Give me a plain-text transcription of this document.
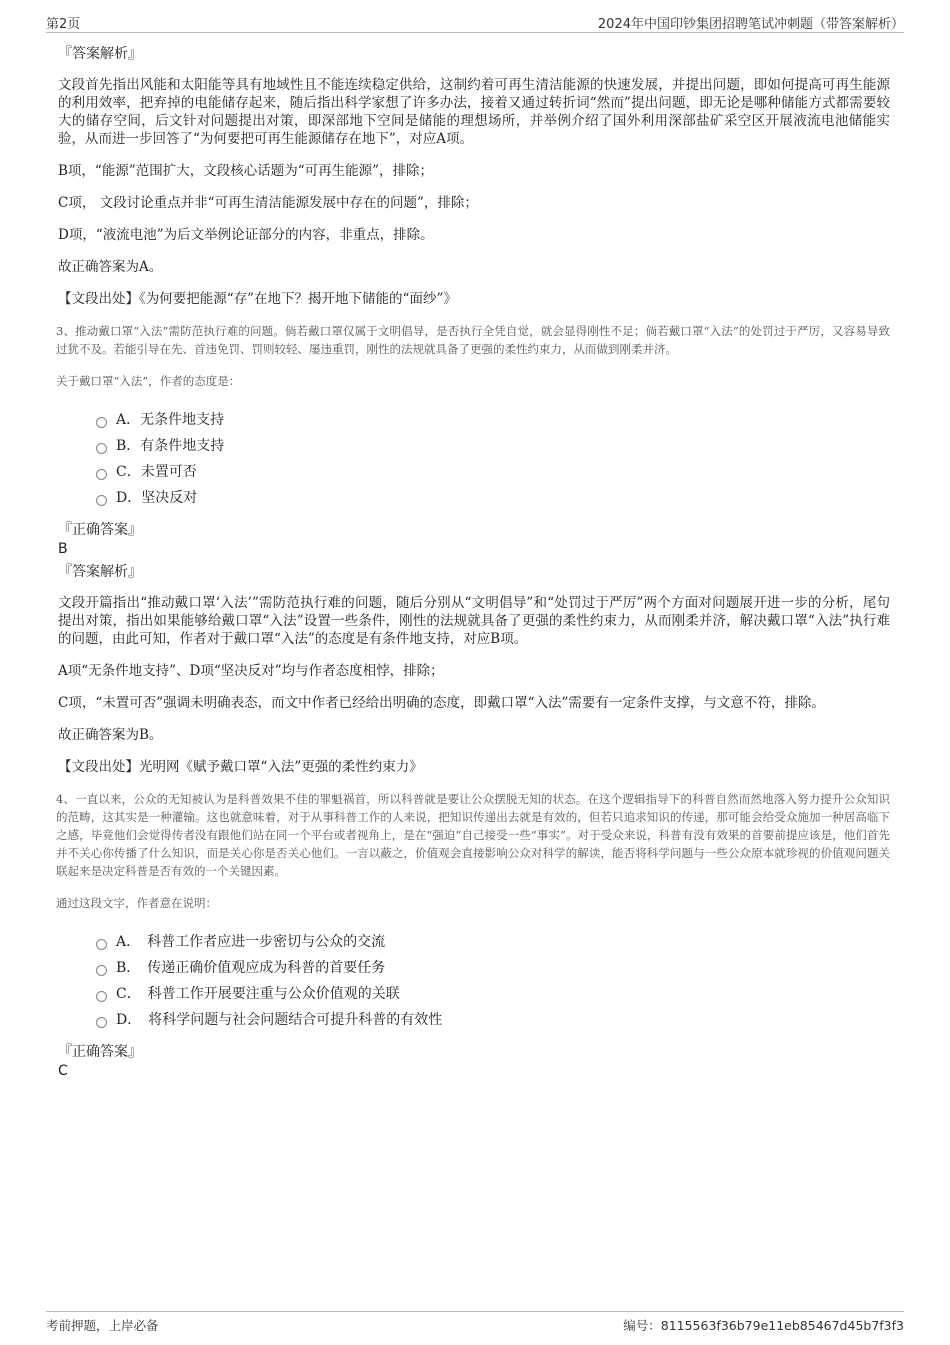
第2页	2024年中国印钞集团招聘笔试冲刺题（带答案解析）
『答案解析』

文段首先指出风能和太阳能等具有地域性且不能连续稳定供给，这制约着可再生清洁能源的快速发展，并提出问题，即如何提高可再生能源的利用效率，把弃掉的电能储存起来，随后指出科学家想了许多办法，接着又通过转折词“然而”提出问题，即无论是哪种储能方式都需要较大的储存空间，后文针对问题提出对策，即深部地下空间是储能的理想场所，并举例介绍了国外利用深部盐矿采空区开展液流电池储能实验，从而进一步回答了“为何要把可再生能源储存在地下”，对应A项。

B项，“能源”范围扩大，文段核心话题为“可再生能源”，排除；

C项， 文段讨论重点并非“可再生清洁能源发展中存在的问题”，排除；

D项，“液流电池”为后文举例论证部分的内容，非重点，排除。

故正确答案为A。

【文段出处】《为何要把能源“存”在地下？揭开地下储能的“面纱”》

3、推动戴口罩“入法”需防范执行难的问题。倘若戴口罩仅属于文明倡导，是否执行全凭自觉，就会显得刚性不足；倘若戴口罩“入法”的处罚过于严厉，又容易导致过犹不及。若能引导在先、首违免罚、罚则较轻、屡违重罚，刚性的法规就具备了更强的柔性约束力，从而做到刚柔并济。

关于戴口罩“入法”，作者的态度是：

A．无条件地支持
B．有条件地支持
C．未置可否
D．坚决反对
『正确答案』
B
『答案解析』

文段开篇指出“推动戴口罩‘入法’”需防范执行难的问题，随后分别从“文明倡导”和“处罚过于严厉”两个方面对问题展开进一步的分析，尾句提出对策，指出如果能够给戴口罩“入法”设置一些条件，刚性的法规就具备了更强的柔性约束力，从而刚柔并济，解决戴口罩“入法”执行难的问题，由此可知，作者对于戴口罩“入法”的态度是有条件地支持，对应B项。

A项“无条件地支持”、D项“坚决反对”均与作者态度相悖，排除；

C项，“未置可否”强调未明确表态，而文中作者已经给出明确的态度，即戴口罩“入法”需要有一定条件支撑，与文意不符，排除。

故正确答案为B。

【文段出处】光明网《赋予戴口罩“入法”更强的柔性约束力》

4、一直以来，公众的无知被认为是科普效果不佳的罪魁祸首，所以科普就是要让公众摆脱无知的状态。在这个逻辑指导下的科普自然而然地落入努力提升公众知识的范畴，这其实是一种灌输。这也就意味着，对于从事科普工作的人来说，把知识传递出去就是有效的，但若只追求知识的传递，那可能会给受众施加一种居高临下之感，毕竟他们会觉得传者没有跟他们站在同一个平台或者视角上，是在“强迫”自己接受一些“事实”。对于受众来说，科普有没有效果的首要前提应该是，他们首先并不关心你传播了什么知识，而是关心你是否关心他们。一言以蔽之，价值观会直接影响公众对科学的解读，能否将科学问题与一些公众原本就珍视的价值观问题关联起来是决定科普是否有效的一个关键因素。

通过这段文字，作者意在说明：

A．　科普工作者应进一步密切与公众的交流
B．　传递正确价值观应成为科普的首要任务
C．　科普工作开展要注重与公众价值观的关联
D．　将科学问题与社会问题结合可提升科普的有效性
『正确答案』
C
考前押题，上岸必备	编号：8115563f36b79e11eb85467d45b7f3f3
